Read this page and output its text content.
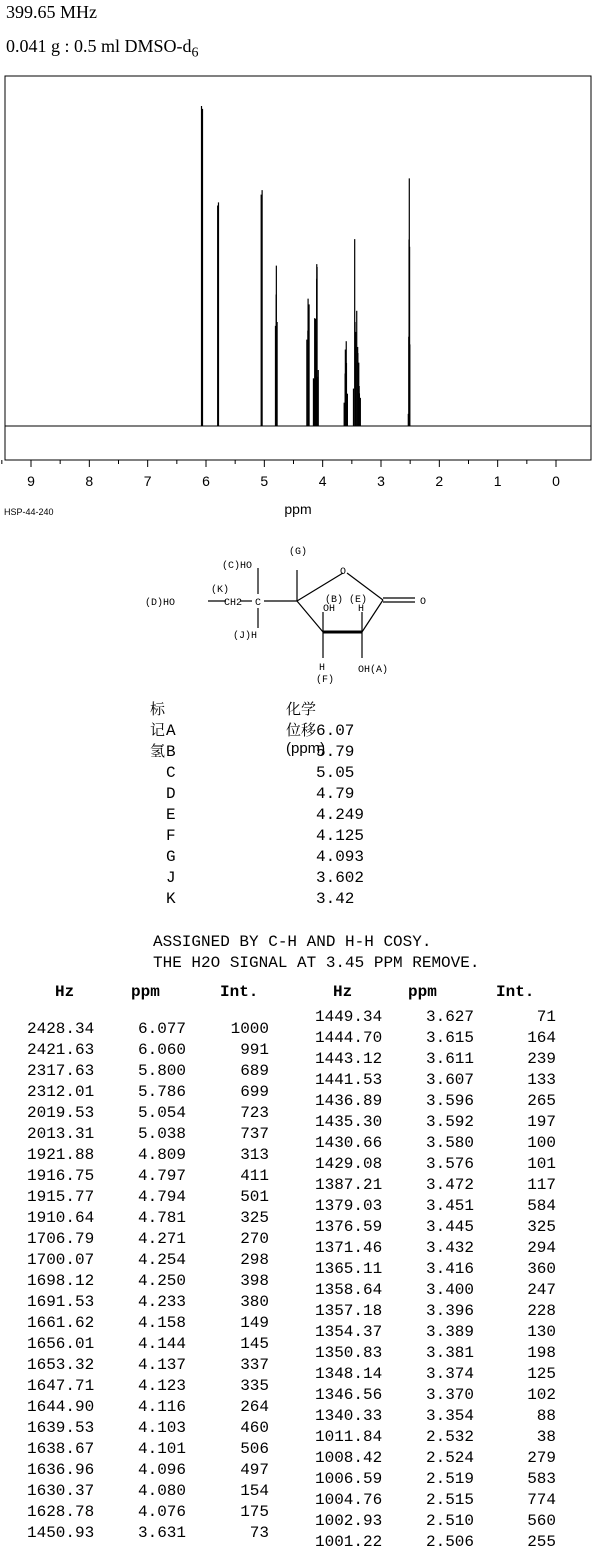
399.65 MHz
0.041 g : 0.5 ml DMSO-$d_6$
9	8	7	6	5	4	3	2	1	0
ppm
HSP-44-240
(C)HO
(G)
(K)
(D)HO	CH2 C
(J)H
O
(B) (E)
OH H
H
(F)
OH(A)
O
标记氢
化学位移(ppm)
A	6.07
B	5.79
C	5.05
D	4.79
E	4.249
F	4.125
G	4.093
J	3.602
K	3.42
ASSIGNED BY C-H AND H-H COSY.
THE H2O SIGNAL AT 3.45 PPM REMOVE.
Hz	ppm	Int.	Hz	ppm	Int.
2428.34	6.077	1000
2421.63	6.060	991
2317.63	5.800	689
2312.01	5.786	699
2019.53	5.054	723
2013.31	5.038	737
1921.88	4.809	313
1916.75	4.797	411
1915.77	4.794	501
1910.64	4.781	325
1706.79	4.271	270
1700.07	4.254	298
1698.12	4.250	398
1691.53	4.233	380
1661.62	4.158	149
1656.01	4.144	145
1653.32	4.137	337
1647.71	4.123	335
1644.90	4.116	264
1639.53	4.103	460
1638.67	4.101	506
1636.96	4.096	497
1630.37	4.080	154
1628.78	4.076	175
1450.93	3.631	73
1449.34	3.627	71
1444.70	3.615	164
1443.12	3.611	239
1441.53	3.607	133
1436.89	3.596	265
1435.30	3.592	197
1430.66	3.580	100
1429.08	3.576	101
1387.21	3.472	117
1379.03	3.451	584
1376.59	3.445	325
1371.46	3.432	294
1365.11	3.416	360
1358.64	3.400	247
1357.18	3.396	228
1354.37	3.389	130
1350.83	3.381	198
1348.14	3.374	125
1346.56	3.370	102
1340.33	3.354	88
1011.84	2.532	38
1008.42	2.524	279
1006.59	2.519	583
1004.76	2.515	774
1002.93	2.510	560
1001.22	2.506	255
